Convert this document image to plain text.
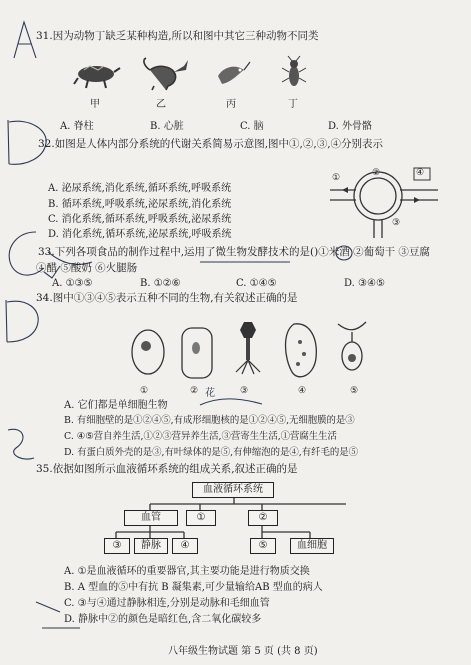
31.因为动物丁缺乏某种构造,所以和图中其它三种动物不同类
甲	乙	丙	丁
A. 脊柱	B. 心脏	C. 脑	D. 外骨骼
32.如图是人体内部分系统的代谢关系简易示意图,图中①,②,③,④分别表示
A. 泌尿系统,消化系统,循环系统,呼吸系统
B. 循环系统,呼吸系统,泌尿系统,消化系统
C. 消化系统,循环系统,呼吸系统,泌尿系统
D. 消化系统,循环系统,泌尿系统,呼吸系统
①	②
③
④
33.下列各项食品的制作过程中,运用了微生物发酵技术的是()①米酒 ②葡萄干 ③豆腐
④醋 ⑤酸奶 ⑥火腿肠
A. ①③⑤	B. ①②⑥	C. ①④⑤	D. ③④⑤
34.图中①③④⑤表示五种不同的生物,有关叙述正确的是
①	②	③	④	⑤
花
A. 它们都是单细胞生物
B. 有细胞壁的是①②④⑤,有成形细胞核的是①②④⑤,无细胞膜的是③
C. ④⑤营自养生活,①②③营异养生活,③营寄生生活,①营腐生生活
D. 有蛋白质外壳的是③,有叶绿体的是⑤,有伸缩泡的是④,有纤毛的是⑤
35.依据如图所示血液循环系统的组成关系,叙述正确的是
血液循环系统
血管	①	②
③	静脉	④	⑤	血细胞
A. ①是血液循环的重要器官,其主要功能是进行物质交换
B. A 型血的⑤中有抗 B 凝集素,可少量输给AB 型血的病人
C. ③与④通过静脉相连,分别是动脉和毛细血管
D. 静脉中②的颜色是暗红色,含二氧化碳较多
八年级生物试题 第 5 页 (共 8 页)
